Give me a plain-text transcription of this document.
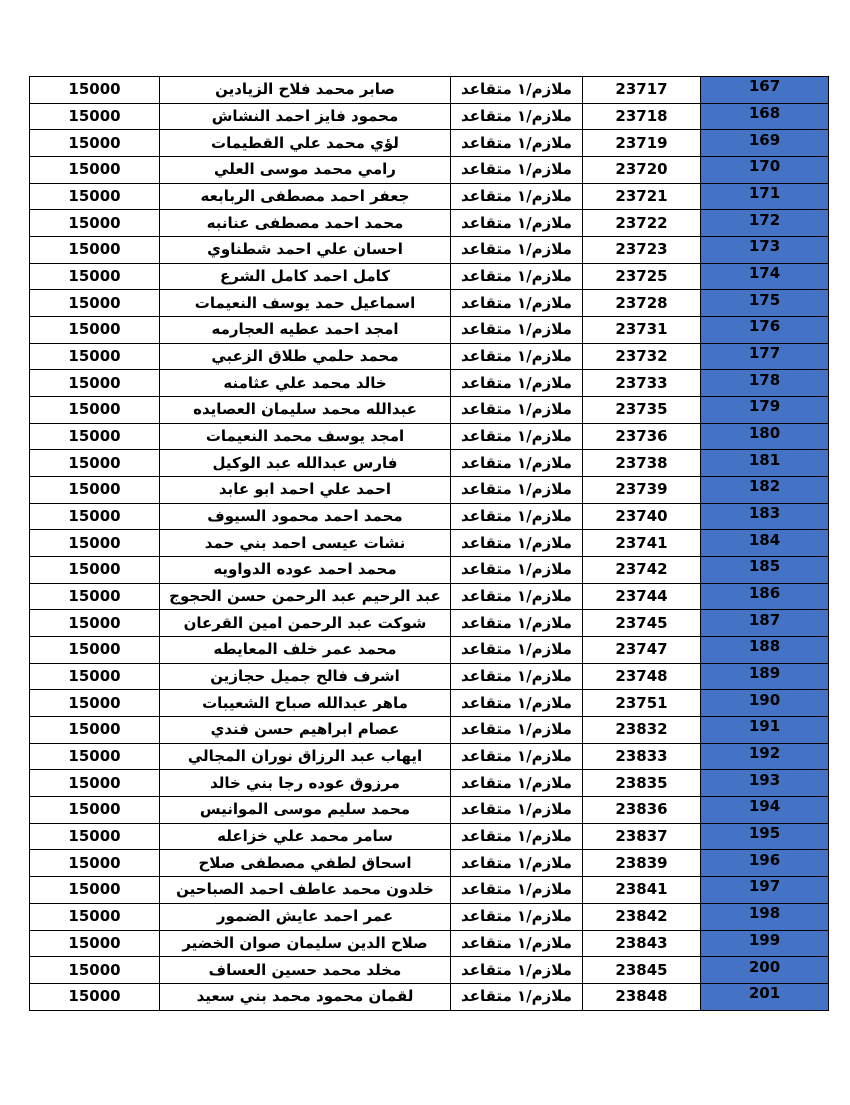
15000	صابر محمد فلاح الزيادين	ملازم/١ متقاعد	23717	167
15000	محمود فايز احمد النشاش	ملازم/١ متقاعد	23718	168
15000	لؤي محمد علي القطيمات	ملازم/١ متقاعد	23719	169
15000	رامي محمد موسى العلي	ملازم/١ متقاعد	23720	170
15000	جعفر احمد مصطفى الربابعه	ملازم/١ متقاعد	23721	171
15000	محمد احمد مصطفى عنانبه	ملازم/١ متقاعد	23722	172
15000	احسان علي احمد شطناوي	ملازم/١ متقاعد	23723	173
15000	كامل احمد كامل الشرع	ملازم/١ متقاعد	23725	174
15000	اسماعيل حمد يوسف النعيمات	ملازم/١ متقاعد	23728	175
15000	امجد احمد عطيه العجارمه	ملازم/١ متقاعد	23731	176
15000	محمد حلمي طلاق الزعبي	ملازم/١ متقاعد	23732	177
15000	خالد محمد علي عثامنه	ملازم/١ متقاعد	23733	178
15000	عبدالله محمد سليمان العصايده	ملازم/١ متقاعد	23735	179
15000	امجد يوسف محمد النعيمات	ملازم/١ متقاعد	23736	180
15000	فارس عبدالله عبد الوكيل	ملازم/١ متقاعد	23738	181
15000	احمد علي احمد ابو عابد	ملازم/١ متقاعد	23739	182
15000	محمد احمد محمود السيوف	ملازم/١ متقاعد	23740	183
15000	نشات عيسى احمد بني حمد	ملازم/١ متقاعد	23741	184
15000	محمد احمد عوده الدواويه	ملازم/١ متقاعد	23742	185
15000	عبد الرحيم عبد الرحمن حسن الحجوج	ملازم/١ متقاعد	23744	186
15000	شوكت عبد الرحمن امين القرعان	ملازم/١ متقاعد	23745	187
15000	محمد عمر خلف المعايطه	ملازم/١ متقاعد	23747	188
15000	اشرف فالح جميل حجازين	ملازم/١ متقاعد	23748	189
15000	ماهر عبدالله صباح الشعيبات	ملازم/١ متقاعد	23751	190
15000	عصام ابراهيم حسن فندي	ملازم/١ متقاعد	23832	191
15000	ايهاب عبد الرزاق نوران المجالي	ملازم/١ متقاعد	23833	192
15000	مرزوق عوده رجا بني خالد	ملازم/١ متقاعد	23835	193
15000	محمد سليم موسى الموانيس	ملازم/١ متقاعد	23836	194
15000	سامر محمد علي خزاعله	ملازم/١ متقاعد	23837	195
15000	اسحاق لطفي مصطفى صلاح	ملازم/١ متقاعد	23839	196
15000	خلدون محمد عاطف احمد الصباحين	ملازم/١ متقاعد	23841	197
15000	عمر احمد عايش الضمور	ملازم/١ متقاعد	23842	198
15000	صلاح الدين سليمان صوان الخضير	ملازم/١ متقاعد	23843	199
15000	مخلد محمد حسين العساف	ملازم/١ متقاعد	23845	200
15000	لقمان محمود محمد بني سعيد	ملازم/١ متقاعد	23848	201
